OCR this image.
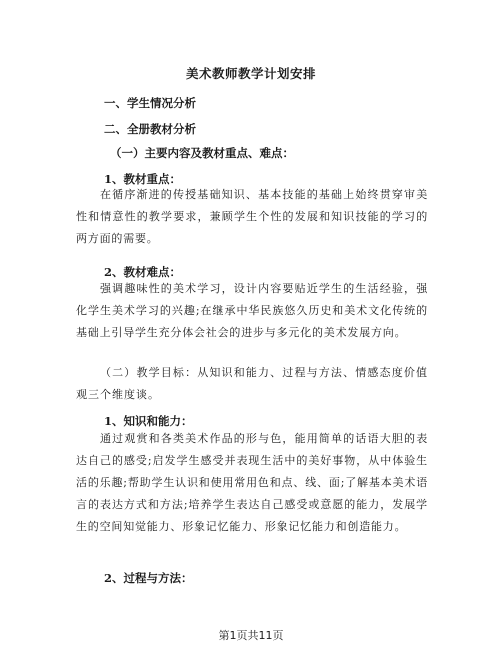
美术教师教学计划安排
一、学生情况分析
二、全册教材分析
（一）主要内容及教材重点、难点：
1、教材重点：
在循序渐进的传授基础知识、基本技能的基础上始终贯穿审美性和情意性的教学要求，兼顾学生个性的发展和知识技能的学习的两方面的需要。
2、教材难点：
强调趣味性的美术学习，设计内容要贴近学生的生活经验，强化学生美术学习的兴趣;在继承中华民族悠久历史和美术文化传统的基础上引导学生充分体会社会的进步与多元化的美术发展方向。
（二）教学目标：从知识和能力、过程与方法、情感态度价值观三个维度谈。
1、知识和能力：
通过观赏和各类美术作品的形与色，能用简单的话语大胆的表达自己的感受;启发学生感受并表现生活中的美好事物，从中体验生活的乐趣;帮助学生认识和使用常用色和点、线、面;了解基本美术语言的表达方式和方法;培养学生表达自己感受或意愿的能力，发展学生的空间知觉能力、形象记忆能力、形象记忆能力和创造能力。
2、过程与方法：
第1页共11页
